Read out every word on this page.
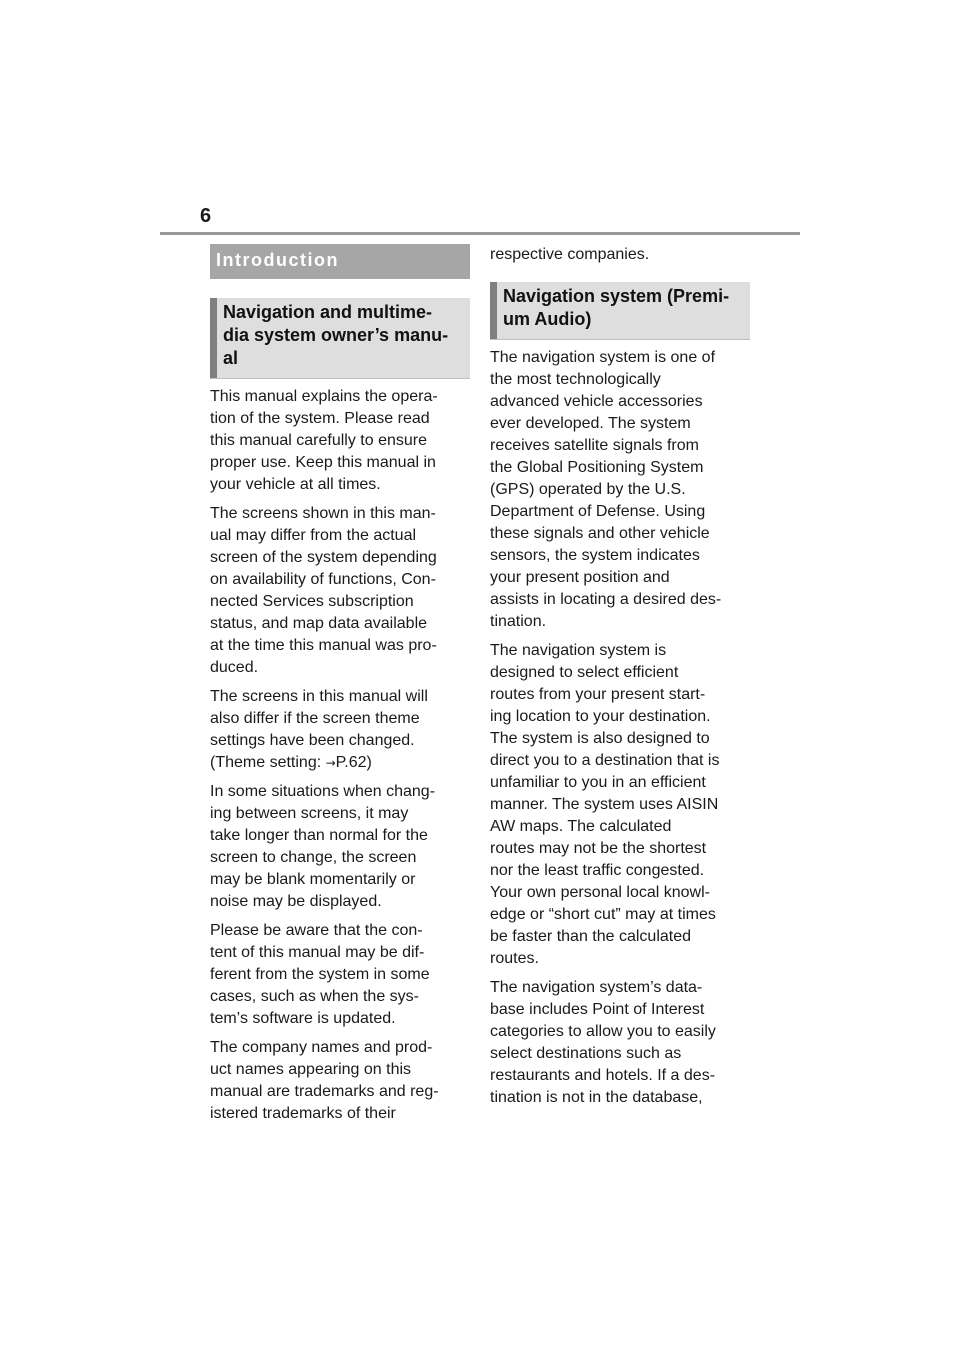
6
Introduction
Navigation and multime-
dia system owner’s manu-
al

This manual explains the opera-
tion of the system. Please read
this manual carefully to ensure
proper use. Keep this manual in
your vehicle at all times.

The screens shown in this man-
ual may differ from the actual
screen of the system depending
on availability of functions, Con-
nected Services subscription
status, and map data available
at the time this manual was pro-
duced.

The screens in this manual will
also differ if the screen theme
settings have been changed.
(Theme setting: →P.62)

In some situations when chang-
ing between screens, it may
take longer than normal for the
screen to change, the screen
may be blank momentarily or
noise may be displayed.

Please be aware that the con-
tent of this manual may be dif-
ferent from the system in some
cases, such as when the sys-
tem’s software is updated.

The company names and prod-
uct names appearing on this
manual are trademarks and reg-
istered trademarks of their

respective companies.

Navigation system (Premi-
um Audio)

The navigation system is one of
the most technologically
advanced vehicle accessories
ever developed. The system
receives satellite signals from
the Global Positioning System
(GPS) operated by the U.S.
Department of Defense. Using
these signals and other vehicle
sensors, the system indicates
your present position and
assists in locating a desired des-
tination.

The navigation system is
designed to select efficient
routes from your present start-
ing location to your destination.
The system is also designed to
direct you to a destination that is
unfamiliar to you in an efficient
manner. The system uses AISIN
AW maps. The calculated
routes may not be the shortest
nor the least traffic congested.
Your own personal local knowl-
edge or “short cut” may at times
be faster than the calculated
routes.

The navigation system’s data-
base includes Point of Interest
categories to allow you to easily
select destinations such as
restaurants and hotels. If a des-
tination is not in the database,
